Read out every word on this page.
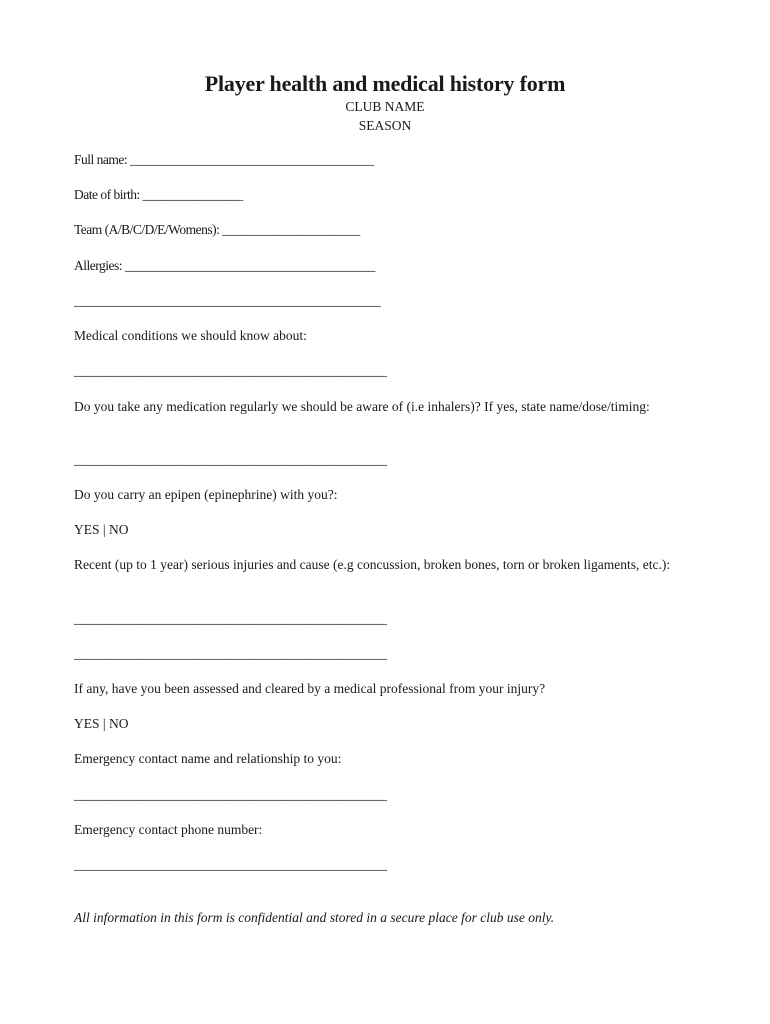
Player health and medical history form
CLUB NAME
SEASON
Full name: _______________________________________
Date of birth: ________________
Team (A/B/C/D/E/Womens): ______________________
Allergies: ________________________________________
_________________________________________________
Medical conditions we should know about:
__________________________________________________
Do you take any medication regularly we should be aware of (i.e inhalers)? If yes, state name/dose/timing:
__________________________________________________
Do you carry an epipen (epinephrine) with you?:
YES | NO
Recent (up to 1 year) serious injuries and cause (e.g concussion, broken bones, torn or broken ligaments, etc.):
__________________________________________________
__________________________________________________
If any, have you been assessed and cleared by a medical professional from your injury?
YES | NO
Emergency contact name and relationship to you:
__________________________________________________
Emergency contact phone number:
__________________________________________________
All information in this form is confidential and stored in a secure place for club use only.
